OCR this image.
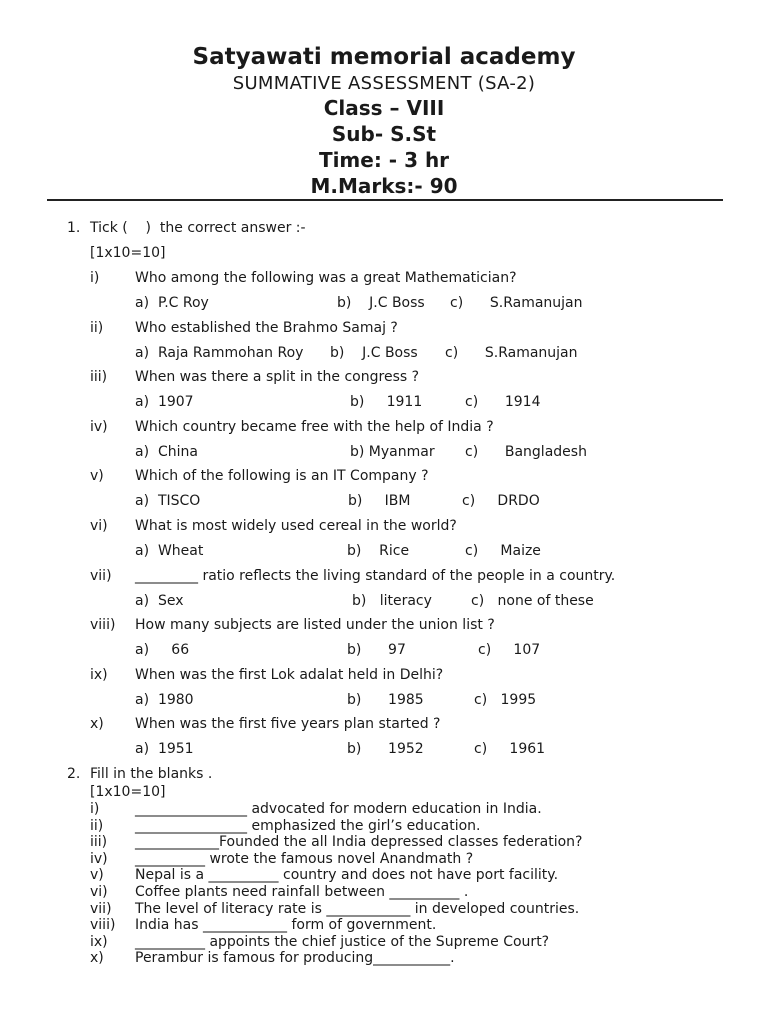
Satyawati memorial academy
SUMMATIVE ASSESSMENT (SA-2)
Class – VIII
Sub- S.St
Time: - 3 hr
M.Marks:- 90
1. Tick (    )  the correct answer :-
[1x10=10]
i)	Who among the following was a great Mathematician?
a)  P.C Roy	b)    J.C Boss c)      S.Ramanujan
ii) Who established the Brahmo Samaj ?
a)  Raja Rammohan Roy b)    J.C Boss c)      S.Ramanujan
iii) When was there a split in the congress ?
a)  1907	b)     1911	c)      1914
iv) Which country became free with the help of India ?
a)  China	b) Myanmar c)      Bangladesh
v) Which of the following is an IT Company ?
a)  TISCO	b)     IBM	c)     DRDO
vi) What is most widely used cereal in the world?
a)  Wheat	b)    Rice	c)     Maize
vii) _________ ratio reflects the living standard of the people in a country.
a)  Sex	b)   literacy	c)   none of these
viii) How many subjects are listed under the union list ?
a)     66	b)      97	c)     107
ix) When was the first Lok adalat held in Delhi?
a)  1980	b)      1985	c)   1995
x) When was the first five years plan started ?
a)  1951	b)      1952	c)     1961
2. Fill in the blanks .
[1x10=10]
i)	________________ advocated for modern education in India.
ii) ________________ emphasized the girl’s education.
iii) ____________Founded the all India depressed classes federation?
iv) __________ wrote the famous novel Anandmath ?
v) Nepal is a __________ country and does not have port facility.
vi) Coffee plants need rainfall between __________ .
vii) The level of literacy rate is ____________ in developed countries.
viii) India has ____________ form of government.
ix) __________ appoints the chief justice of the Supreme Court?
x) Perambur is famous for producing___________.
